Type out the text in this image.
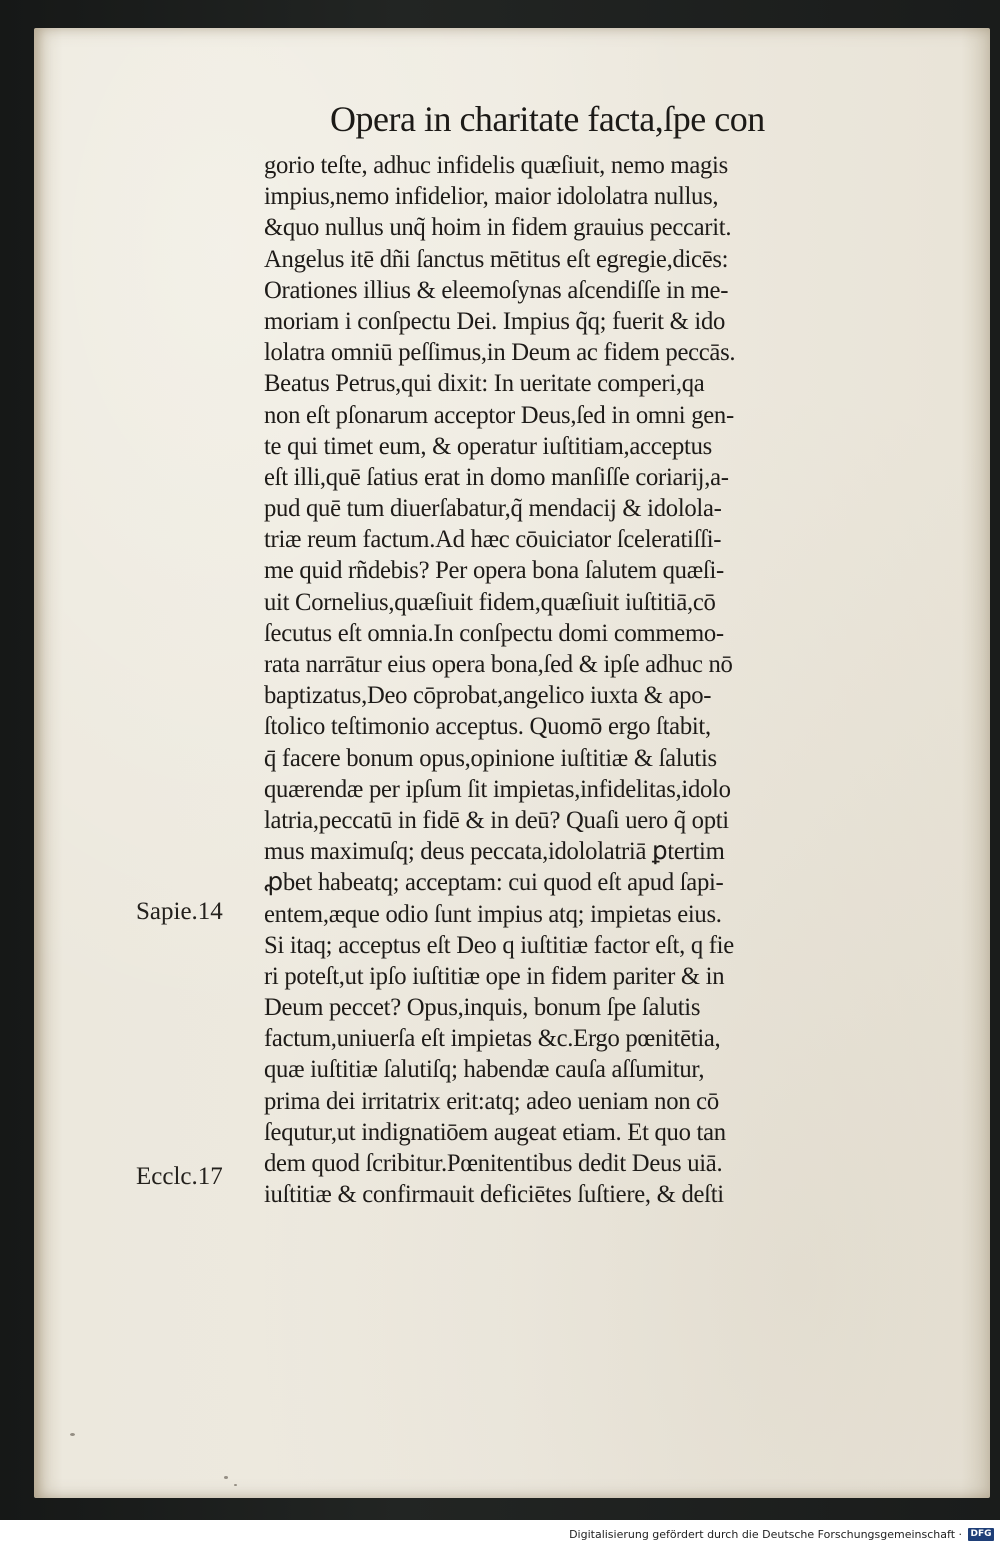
Opera in charitate facta,ſpe con
gorio teſte, adhuc infidelis quæſiuit, nemo magis
impius,nemo infidelior, maior idololatra nullus,
&quo nullus unq̃ hoim in fidem grauius peccarit.
Angelus itē dñi ſanctus mētitus eſt egregie,dicēs:
Orationes illius & eleemoſynas aſcendiſſe in me-
moriam i conſpectu Dei. Impius q̃q; fuerit & ido
lolatra omniū peſſimus,in Deum ac fidem peccās.
Beatus Petrus,qui dixit: In ueritate comperi,qa
non eſt pſonarum acceptor Deus,ſed in omni gen-
te qui timet eum, & operatur iuſtitiam,acceptus
eſt illi,quē ſatius erat in domo manſiſſe coriarij,a-
pud quē tum diuerſabatur,q̃ mendacij & idolola-
triæ reum factum.Ad hæc cōuiciator ſceleratiſſi-
me quid rñdebis? Per opera bona ſalutem quæſi-
uit Cornelius,quæſiuit fidem,quæſiuit iuſtitiā,cō
ſecutus eſt omnia.In conſpectu domi commemo-
rata narrātur eius opera bona,ſed & ipſe adhuc nō
baptizatus,Deo cōprobat,angelico iuxta & apo-
ſtolico teſtimonio acceptus. Quomō ergo ſtabit,
q̄ facere bonum opus,opinione iuſtitiæ & ſalutis
quærendæ per ipſum ſit impietas,infidelitas,idolo
latria,peccatū in fidē & in deū? Quaſi uero q̃ opti
mus maximuſq; deus peccata,idololatriā ꝑtertim
ꝓbet habeatq; acceptam: cui quod eſt apud ſapi-
entem,æque odio ſunt impius atq; impietas eius.
Si itaq; acceptus eſt Deo q iuſtitiæ factor eſt, q fie
ri poteſt,ut ipſo iuſtitiæ ope in fidem pariter & in
Deum peccet? Opus,inquis, bonum ſpe ſalutis
factum,uniuerſa eſt impietas &c.Ergo pœnitētia,
quæ iuſtitiæ ſalutiſq; habendæ cauſa aſſumitur,
prima dei irritatrix erit:atq; adeo ueniam non cō
ſequtur,ut indignatiōem augeat etiam. Et quo tan
dem quod ſcribitur.Pœnitentibus dedit Deus uiā.
iuſtitiæ & confirmauit deficiētes ſuſtiere, & deſti
Sapie.14
Ecclc.17
Digitalisierung gefördert durch die Deutsche Forschungsgemeinschaft · DFG
